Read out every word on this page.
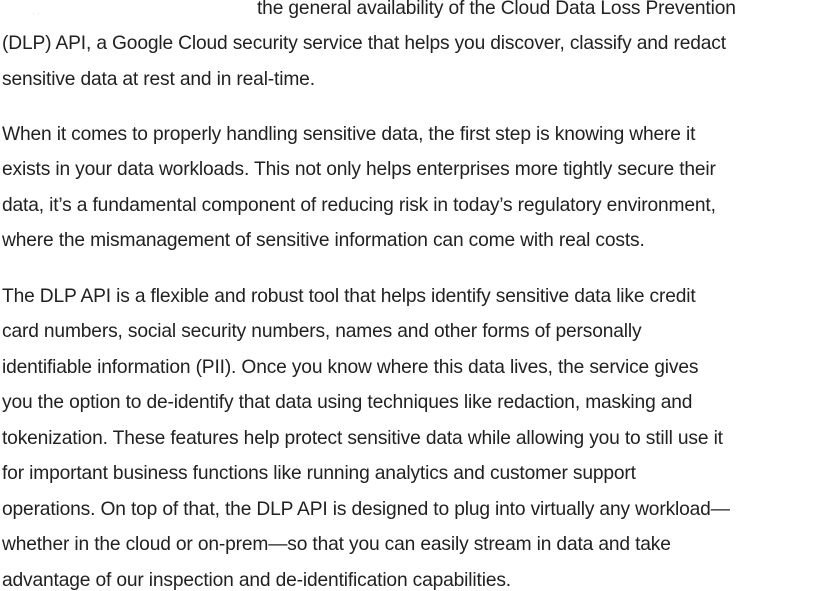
the general availability of the Cloud Data Loss Prevention
(DLP) API, a Google Cloud security service that helps you discover, classify and redact
sensitive data at rest and in real-time.
When it comes to properly handling sensitive data, the first step is knowing where it
exists in your data workloads. This not only helps enterprises more tightly secure their
data, it’s a fundamental component of reducing risk in today’s regulatory environment,
where the mismanagement of sensitive information can come with real costs.
The DLP API is a flexible and robust tool that helps identify sensitive data like credit
card numbers, social security numbers, names and other forms of personally
identifiable information (PII). Once you know where this data lives, the service gives
you the option to de-identify that data using techniques like redaction, masking and
tokenization. These features help protect sensitive data while allowing you to still use it
for important business functions like running analytics and customer support
operations. On top of that, the DLP API is designed to plug into virtually any workload—
whether in the cloud or on-prem—so that you can easily stream in data and take
advantage of our inspection and de-identification capabilities.
